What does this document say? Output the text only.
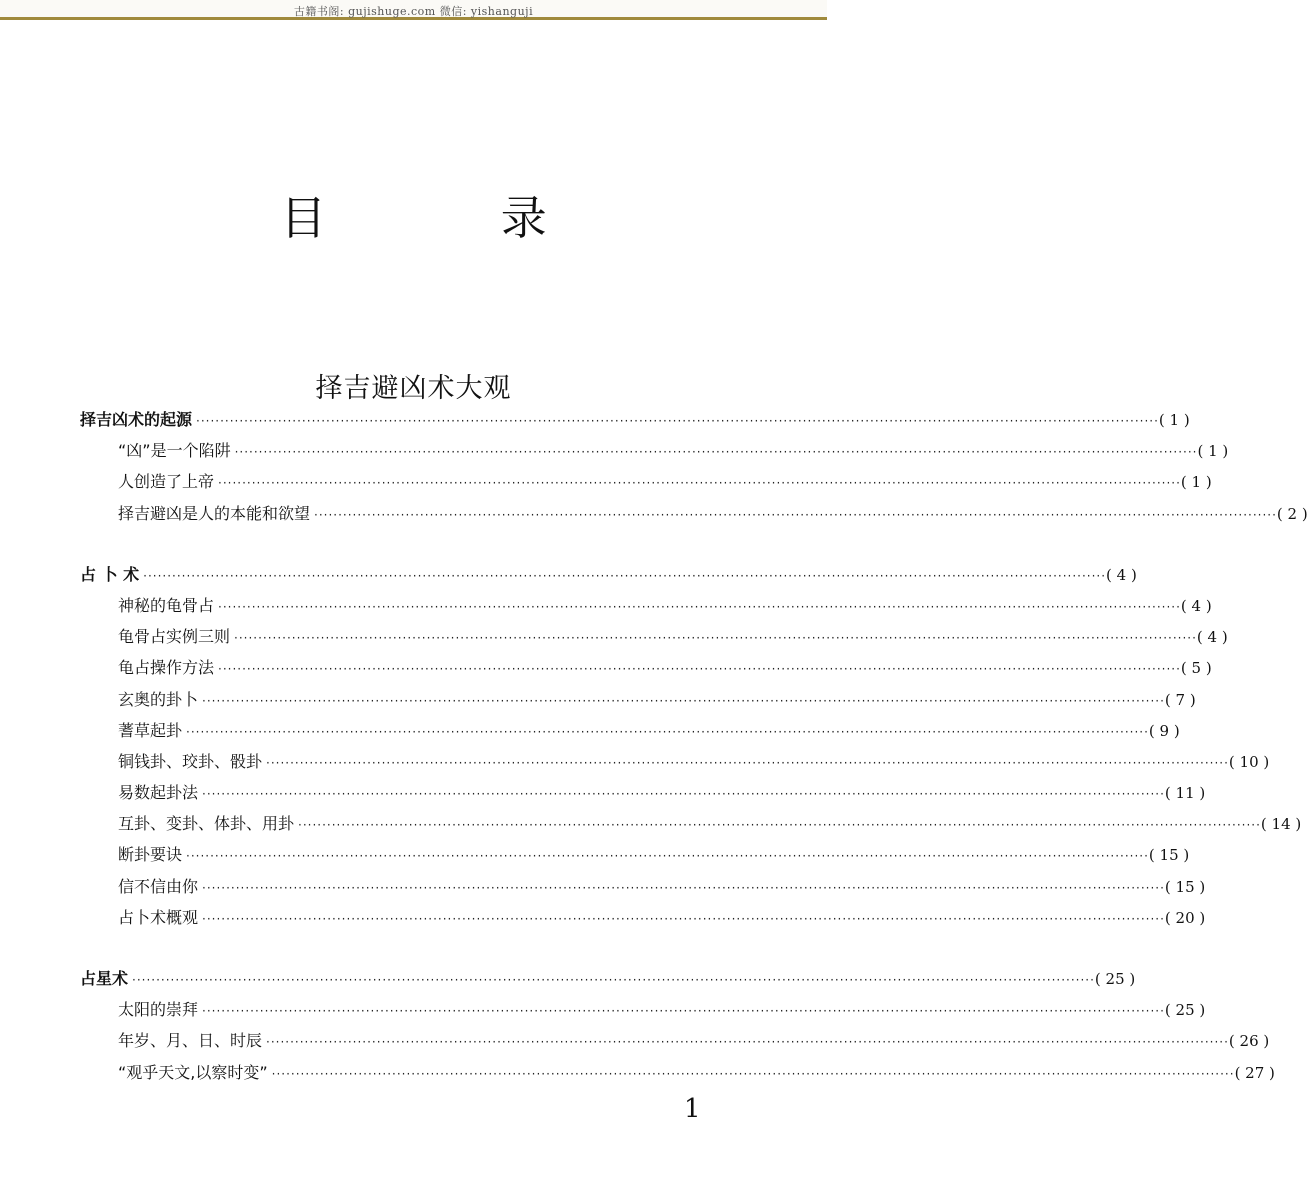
古籍书阁: gujishuge.com 微信: yishanguji
目 录
择吉避凶术大观
择吉凶术的起源 ········································································································································································································ ( 1 )
“凶”是一个陷阱 ········································································································································································································ ( 1 )
人创造了上帝 ········································································································································································································ ( 1 )
择吉避凶是人的本能和欲望 ········································································································································································································ ( 2 )
占 卜 术 ········································································································································································································ ( 4 )
神秘的龟骨占 ········································································································································································································ ( 4 )
龟骨占实例三则 ········································································································································································································ ( 4 )
龟占操作方法 ········································································································································································································ ( 5 )
玄奥的卦卜 ········································································································································································································ ( 7 )
蓍草起卦 ········································································································································································································ ( 9 )
铜钱卦、珓卦、骰卦 ········································································································································································································ ( 10 )
易数起卦法 ········································································································································································································ ( 11 )
互卦、变卦、体卦、用卦 ········································································································································································································ ( 14 )
断卦要诀 ········································································································································································································ ( 15 )
信不信由你 ········································································································································································································ ( 15 )
占卜术概观 ········································································································································································································ ( 20 )
占星术 ········································································································································································································ ( 25 )
太阳的崇拜 ········································································································································································································ ( 25 )
年岁、月、日、时辰 ········································································································································································································ ( 26 )
“观乎天文,以察时变” ········································································································································································································ ( 27 )
1
